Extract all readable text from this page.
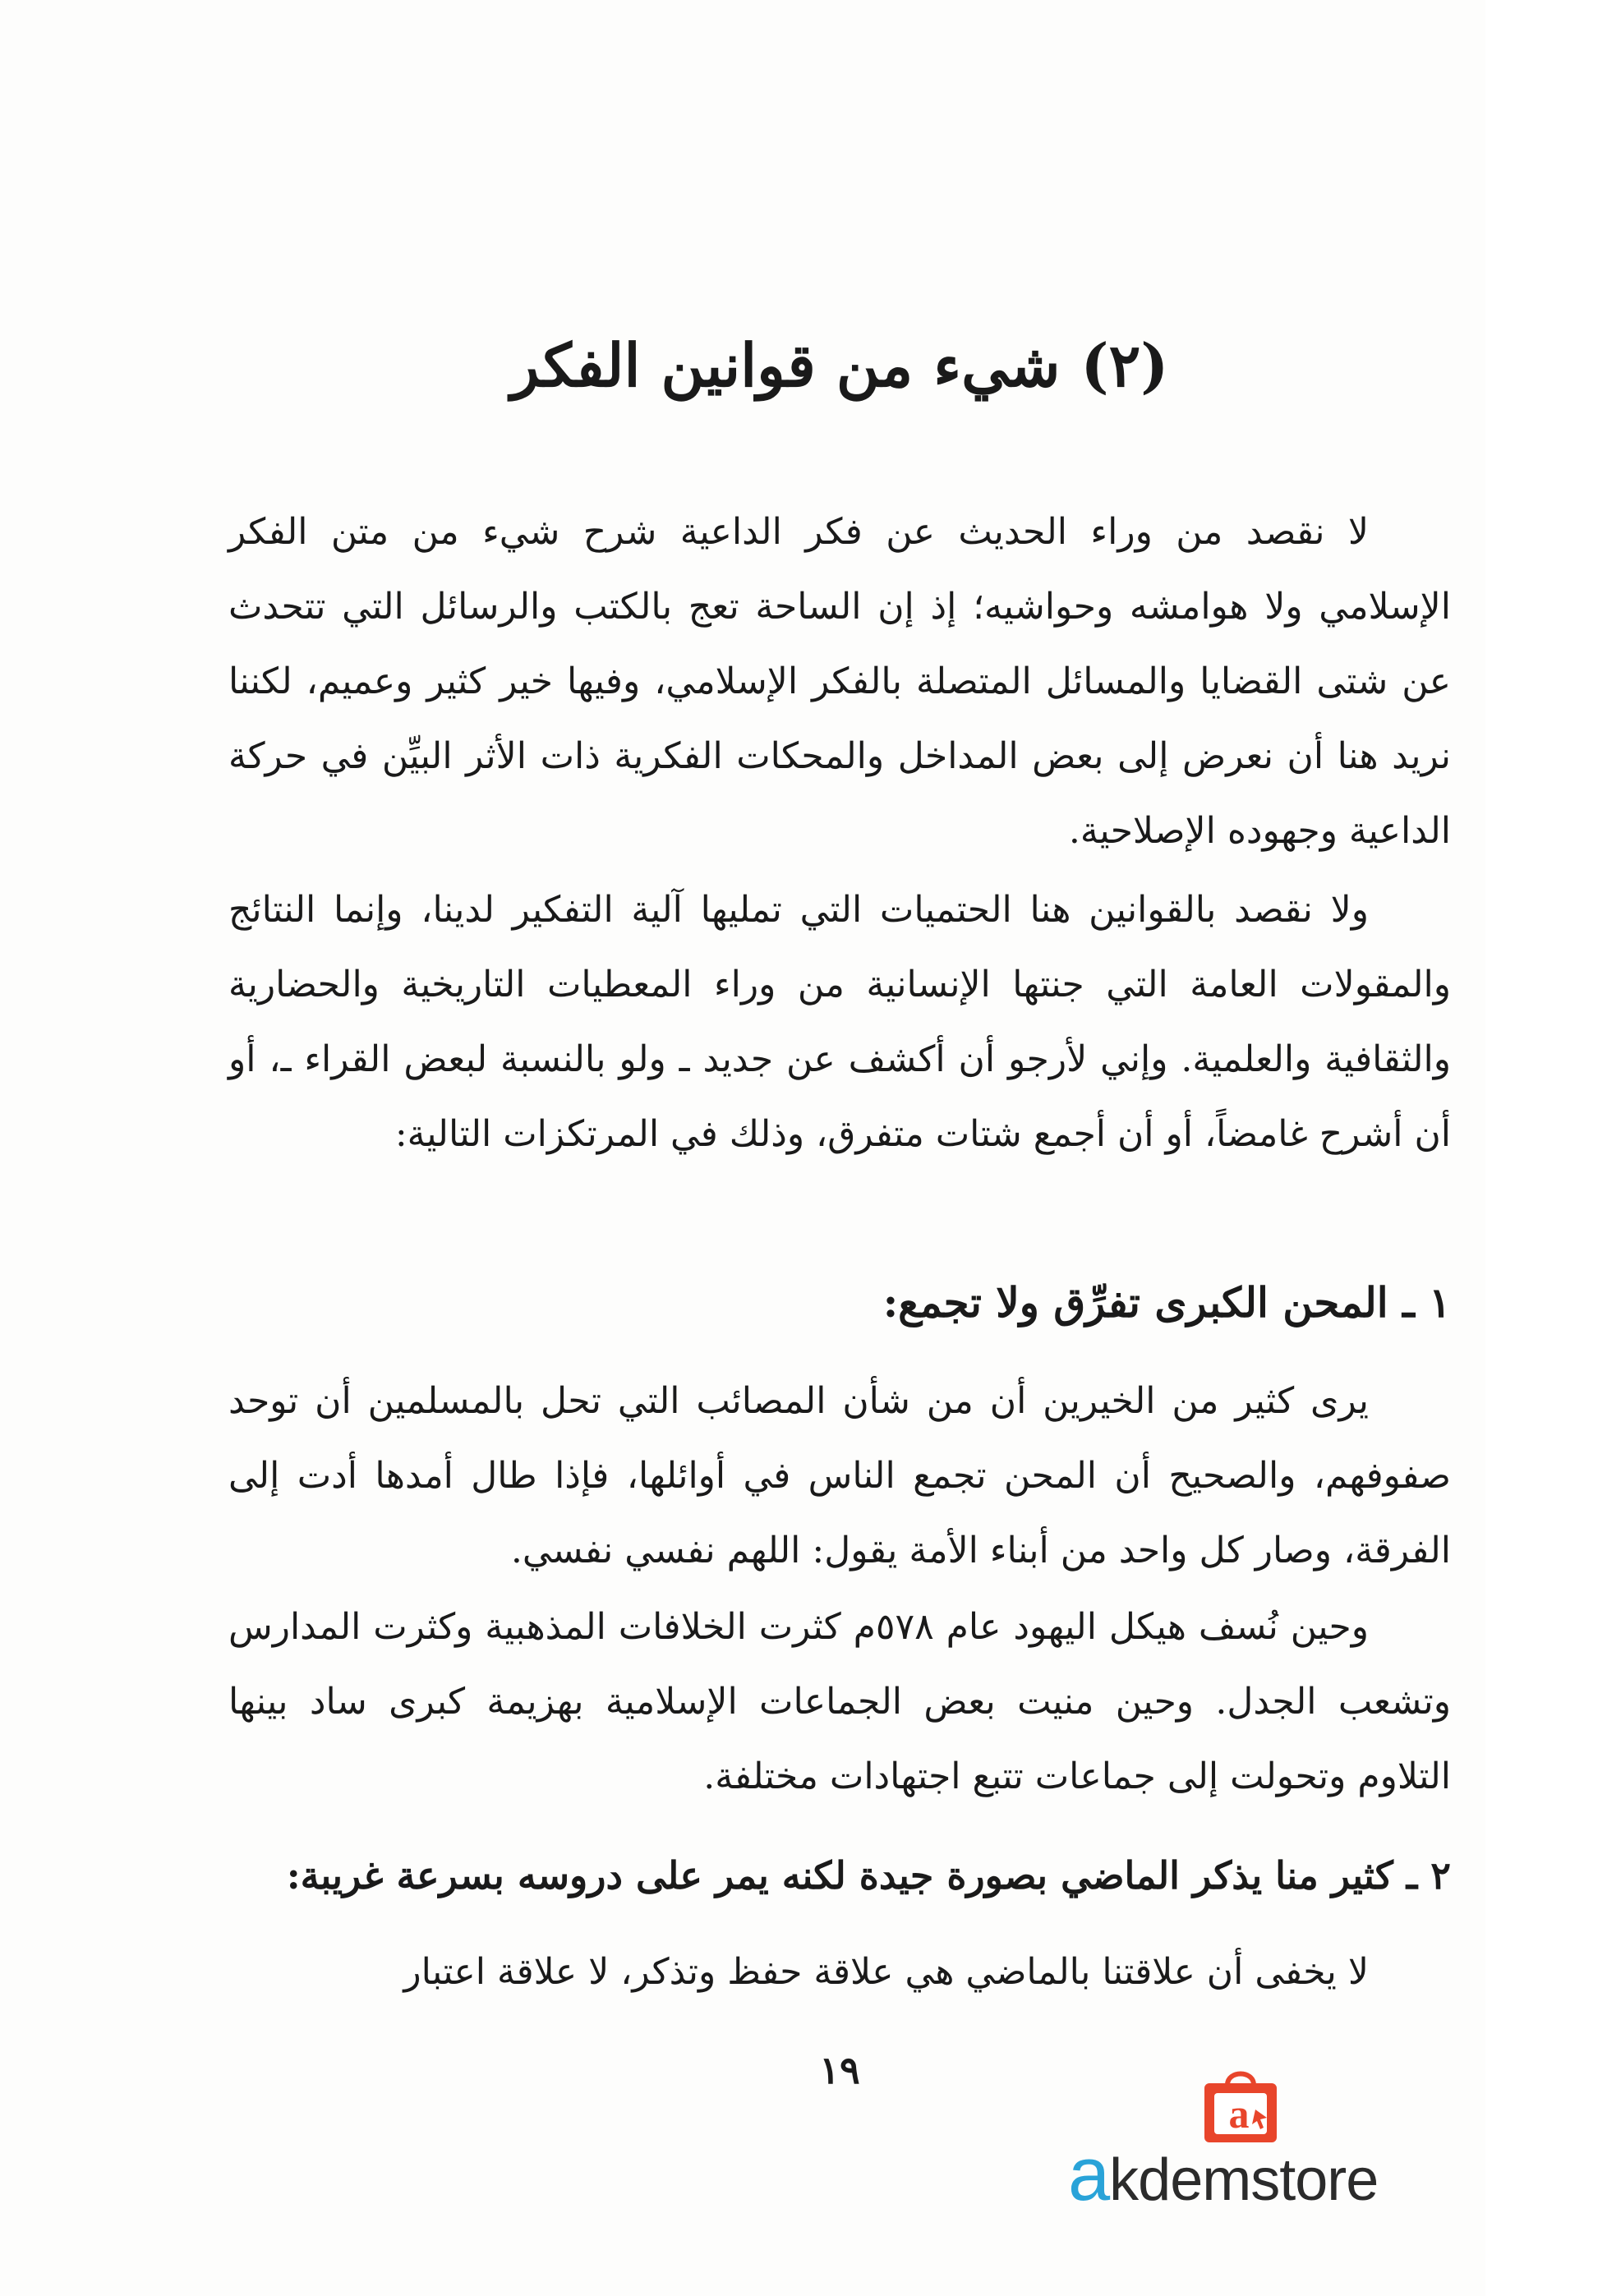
(٢) شيء من قوانين الفكر

لا نقصد من وراء الحديث عن فكر الداعية شرح شيء من متن الفكر الإسلامي ولا هوامشه وحواشيه؛ إذ إن الساحة تعج بالكتب والرسائل التي تتحدث عن شتى القضايا والمسائل المتصلة بالفكر الإسلامي، وفيها خير كثير وعميم، لكننا نريد هنا أن نعرض إلى بعض المداخل والمحكات الفكرية ذات الأثر البيِّن في حركة الداعية وجهوده الإصلاحية.

ولا نقصد بالقوانين هنا الحتميات التي تمليها آلية التفكير لدينا، وإنما النتائج والمقولات العامة التي جنتها الإنسانية من وراء المعطيات التاريخية والحضارية والثقافية والعلمية. وإني لأرجو أن أكشف عن جديد ـ ولو بالنسبة لبعض القراء ـ، أو أن أشرح غامضاً، أو أن أجمع شتات متفرق، وذلك في المرتكزات التالية:

١ ـ المحن الكبرى تفرِّق ولا تجمع:

يرى كثير من الخيرين أن من شأن المصائب التي تحل بالمسلمين أن توحد صفوفهم، والصحيح أن المحن تجمع الناس في أوائلها، فإذا طال أمدها أدت إلى الفرقة، وصار كل واحد من أبناء الأمة يقول: اللهم نفسي نفسي.

وحين نُسف هيكل اليهود عام ٥٧٨م كثرت الخلافات المذهبية وكثرت المدارس وتشعب الجدل. وحين منيت بعض الجماعات الإسلامية بهزيمة كبرى ساد بينها التلاوم وتحولت إلى جماعات تتبع اجتهادات مختلفة.

٢ ـ كثير منا يذكر الماضي بصورة جيدة لكنه يمر على دروسه بسرعة غريبة:

لا يخفى أن علاقتنا بالماضي هي علاقة حفظ وتذكر، لا علاقة اعتبار

١٩
a
akdemstore
